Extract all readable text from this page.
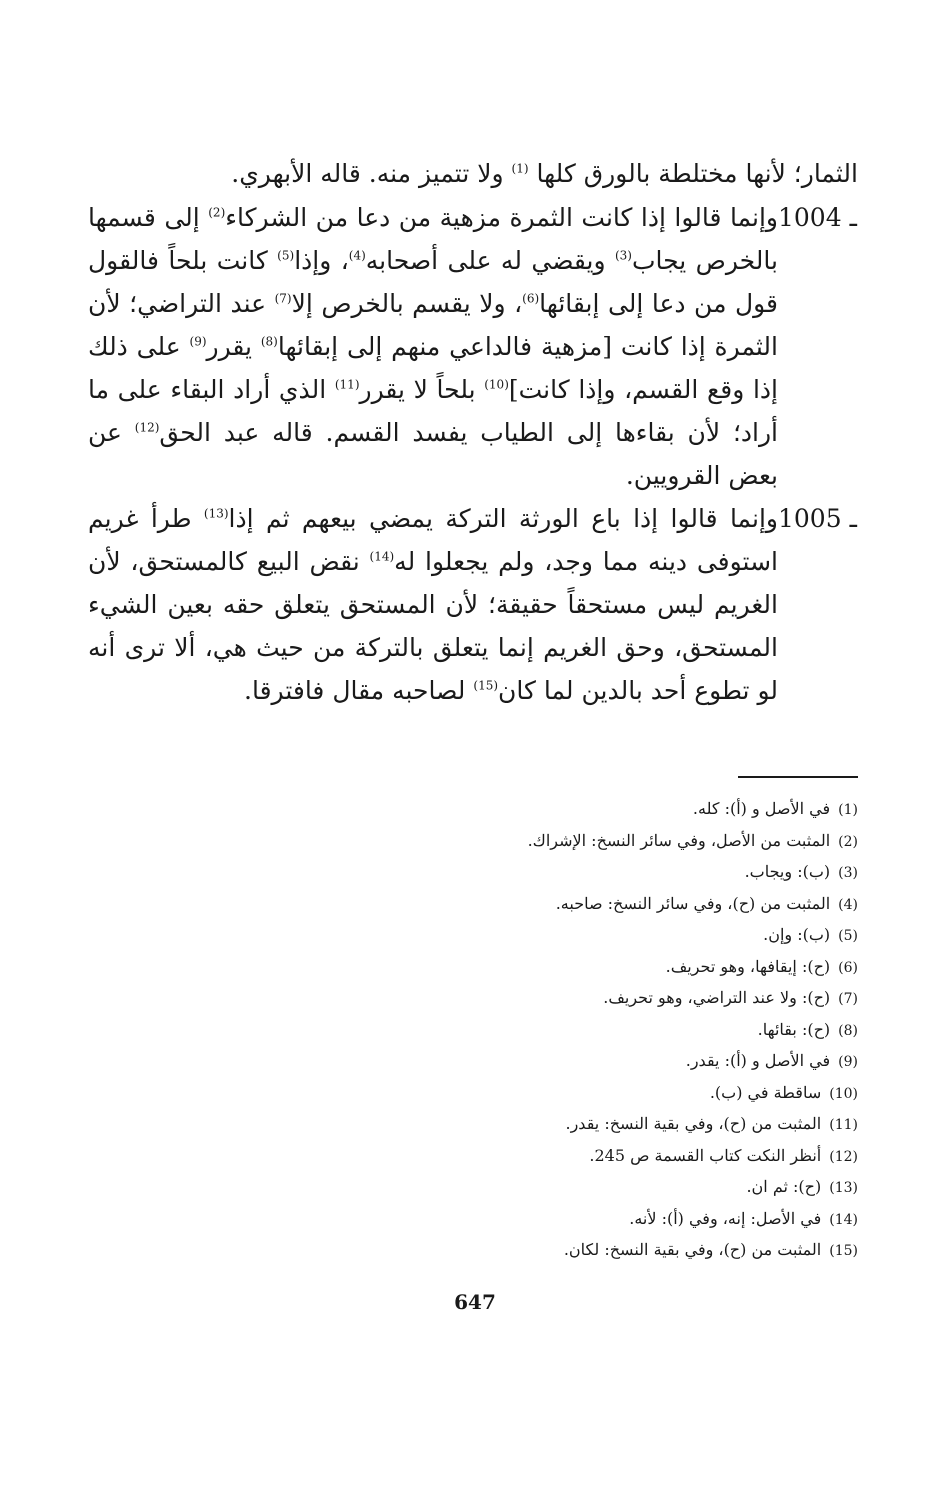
الثمار؛ لأنها مختلطة بالورق كلها $^{(1)}$ ولا تتميز منه. قاله الأبهري.

1004 ـوإنما قالوا إذا كانت الثمرة مزهية من دعا من الشركاء$^{(2)}$ إلى قسمها بالخرص يجاب$^{(3)}$ ويقضي له على أصحابه$^{(4)}$، وإذا$^{(5)}$ كانت بلحاً فالقول قول من دعا إلى إبقائها$^{(6)}$، ولا يقسم بالخرص إلا$^{(7)}$ عند التراضي؛ لأن الثمرة إذا كانت [مزهية فالداعي منهم إلى إبقائها$^{(8)}$ يقرر$^{(9)}$ على ذلك إذا وقع القسم، وإذا كانت]$^{(10)}$ بلحاً لا يقرر$^{(11)}$ الذي أراد البقاء على ما أراد؛ لأن بقاءها إلى الطياب يفسد القسم. قاله عبد الحق$^{(12)}$ عن بعض القرويين.
1005 ـوإنما قالوا إذا باع الورثة التركة يمضي بيعهم ثم إذا$^{(13)}$ طرأ غريم استوفى دينه مما وجد، ولم يجعلوا له$^{(14)}$ نقض البيع كالمستحق، لأن الغريم ليس مستحقاً حقيقة؛ لأن المستحق يتعلق حقه بعين الشيء المستحق، وحق الغريم إنما يتعلق بالتركة من حيث هي، ألا ترى أنه لو تطوع أحد بالدين لما كان$^{(15)}$ لصاحبه مقال فافترقا.
(1)في الأصل و (أ): كله.
(2)المثبت من الأصل، وفي سائر النسخ: الإشراك.
(3)(ب): ويجاب.
(4)المثبت من (ح)، وفي سائر النسخ: صاحبه.
(5)(ب): وإن.
(6)(ح): إيقافها، وهو تحريف.
(7)(ح): ولا عند التراضي، وهو تحريف.
(8)(ح): بقائها.
(9)في الأصل و (أ): يقدر.
(10)ساقطة في (ب).
(11)المثبت من (ح)، وفي بقية النسخ: يقدر.
(12)أنظر النكت كتاب القسمة ص 245.
(13)(ح): ثم ان.
(14)في الأصل: إنه، وفي (أ): لأنه.
(15)المثبت من (ح)، وفي بقية النسخ: لكان.
647
